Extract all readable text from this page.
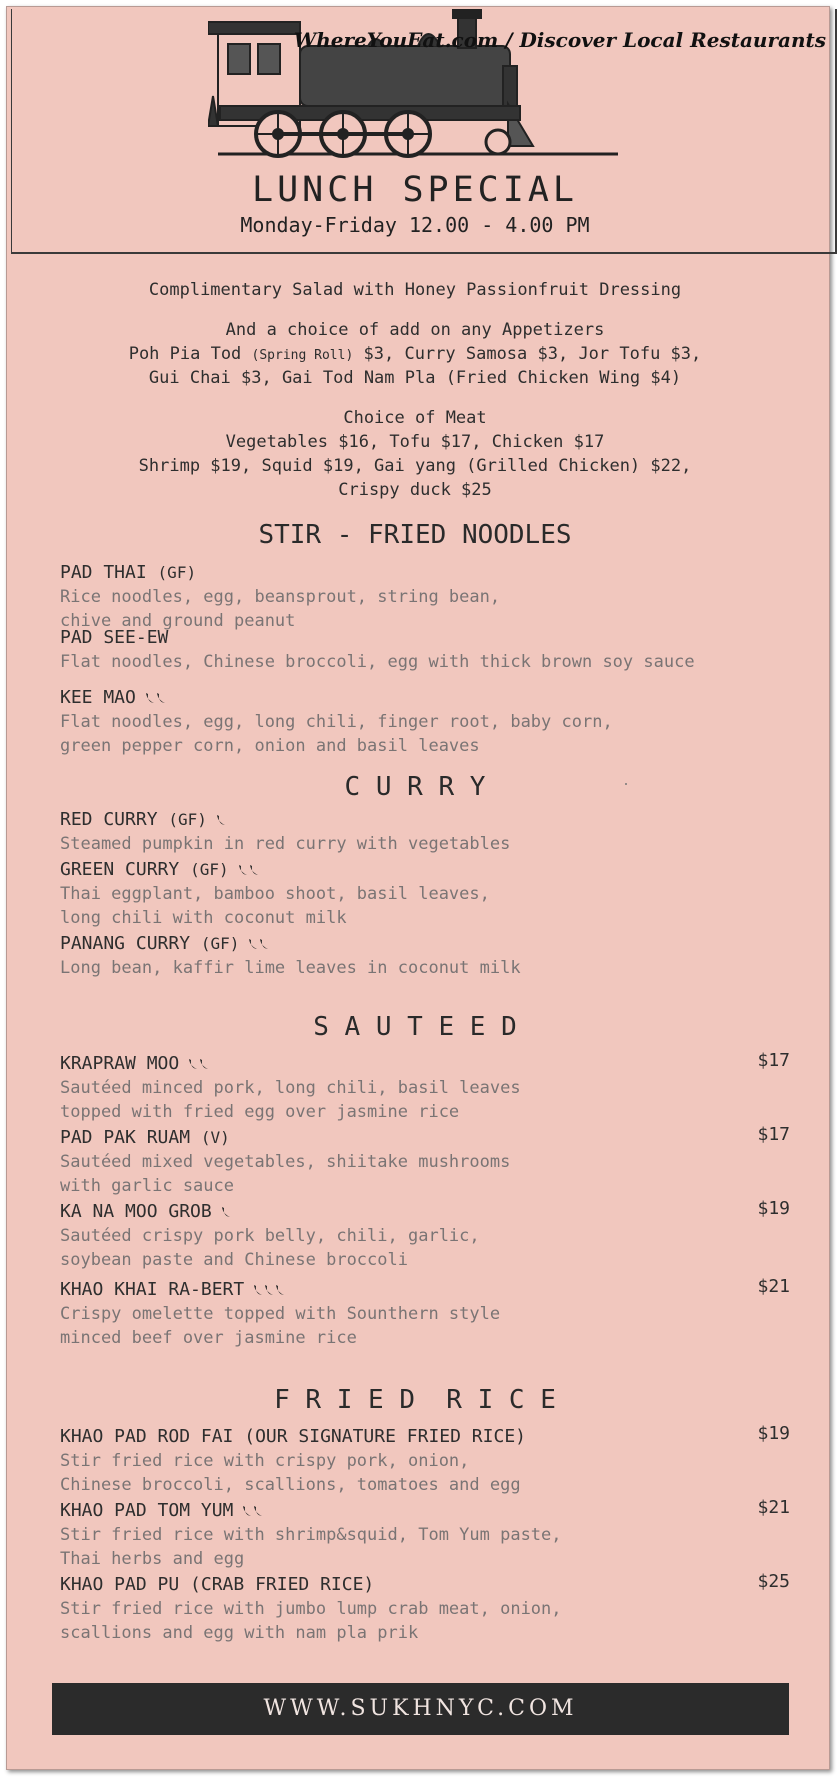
WhereYouEat.com / Discover Local Restaurants
LUNCH SPECIAL
Monday-Friday 12.00 - 4.00 PM
Complimentary Salad with Honey Passionfruit Dressing
And a choice of add on any Appetizers
Poh Pia Tod (Spring Roll) $3, Curry Samosa $3, Jor Tofu $3,
Gui Chai $3, Gai Tod Nam Pla (Fried Chicken Wing $4)
Choice of Meat
Vegetables $16, Tofu $17, Chicken $17
Shrimp $19, Squid $19, Gai yang (Grilled Chicken) $22,
Crispy duck $25
STIR - FRIED NOODLES
C U R R Y
S A U T E E D
F R I E D  R I C E
PAD THAI (GF)
Rice noodles, egg, beansprout, string bean,
chive and ground peanut
PAD SEE-EW
Flat noodles, Chinese broccoli, egg with thick brown soy sauce
KEE MAO
Flat noodles, egg, long chili, finger root, baby corn,
green pepper corn, onion and basil leaves
RED CURRY (GF)
Steamed pumpkin in red curry with vegetables
GREEN CURRY (GF)
Thai eggplant, bamboo shoot, basil leaves,
long chili with coconut milk
PANANG CURRY (GF)
Long bean, kaffir lime leaves in coconut milk
KRAPRAW MOO	$17
Sautéed minced pork, long chili, basil leaves
topped with fried egg over jasmine rice
PAD PAK RUAM (V)	$17
Sautéed mixed vegetables, shiitake mushrooms
with garlic sauce
KA NA MOO GROB	$19
Sautéed crispy pork belly, chili, garlic,
soybean paste and Chinese broccoli
KHAO KHAI RA-BERT	$21
Crispy omelette topped with Sounthern style
minced beef over jasmine rice
KHAO PAD ROD FAI (OUR SIGNATURE FRIED RICE)	$19
Stir fried rice with crispy pork, onion,
Chinese broccoli, scallions, tomatoes and egg
KHAO PAD TOM YUM	$21
Stir fried rice with shrimp&squid, Tom Yum paste,
Thai herbs and egg
KHAO PAD PU (CRAB FRIED RICE)	$25
Stir fried rice with jumbo lump crab meat, onion,
scallions and egg with nam pla prik
WWW.SUKHNYC.COM
